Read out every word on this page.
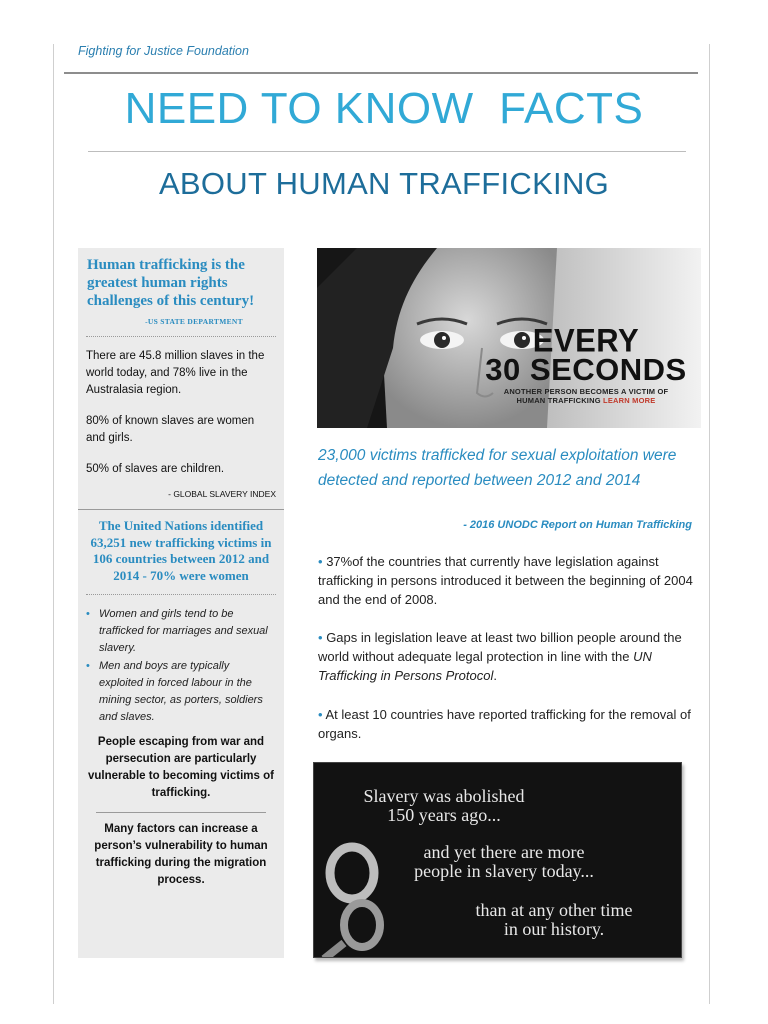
Fighting for Justice Foundation
NEED TO KNOW  FACTS
ABOUT HUMAN TRAFFICKING
Human trafficking is the greatest human rights challenges of this century!
-US STATE DEPARTMENT
There are 45.8 million slaves in the world today, and 78% live in the Australasia region.
80% of known slaves are women and girls.
50% of slaves are children.
- GLOBAL SLAVERY INDEX
The United Nations identified 63,251 new trafficking victims in 106 countries between 2012 and 2014 - 70% were women
• Women and girls tend to be trafficked for marriages and sexual slavery.
• Men and boys are typically exploited in forced labour in the mining sector, as porters, soldiers and slaves.
People escaping from war and persecution are particularly vulnerable to becoming victims of trafficking.
Many factors can increase a person’s vulnerability to human trafficking during the migration process.
EVERY
30 SECONDS
ANOTHER PERSON BECOMES A VICTIM OF
HUMAN TRAFFICKING LEARN MORE
23,000 victims trafficked for sexual exploitation were detected and reported between 2012 and 2014
- 2016 UNODC Report on Human Trafficking
• 37%of the countries that currently have legislation against trafficking in persons introduced it between the beginning of 2004 and the end of 2008.
• Gaps in legislation leave at least two billion people around the world without adequate legal protection in line with the UN Trafficking in Persons Protocol.
• At least 10 countries have reported trafficking for the removal of organs.
Slavery was abolished
150 years ago...
and yet there are more
people in slavery today...
than at any other time
in our history.
